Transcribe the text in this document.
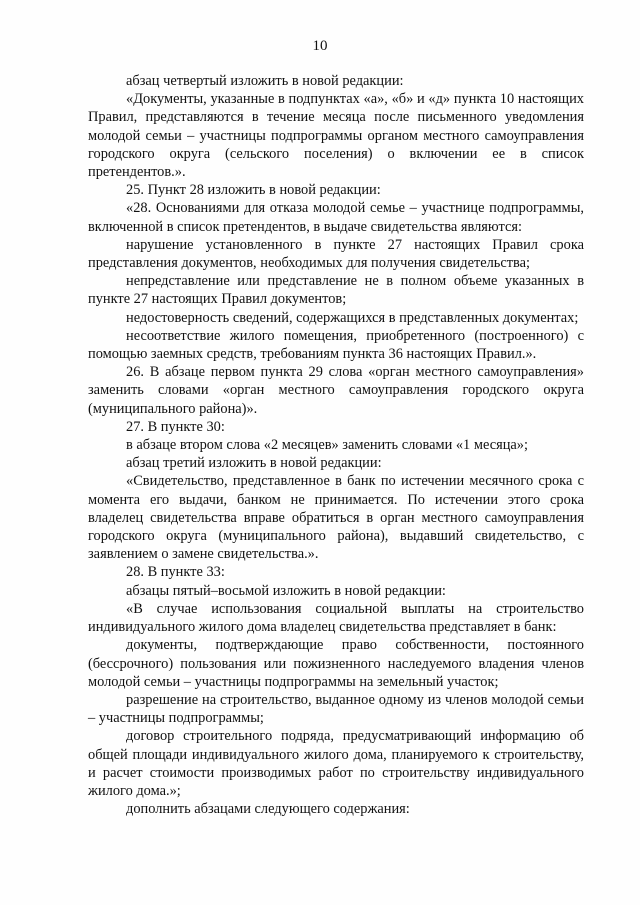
10

абзац четвертый изложить в новой редакции:

«Документы, указанные в подпунктах «а», «б» и «д» пункта 10 настоящих Правил, представляются в течение месяца после письменного уведомления молодой семьи – участницы подпрограммы органом местного самоуправления городского округа (сельского поселения) о включении ее в список претендентов.».

25. Пункт 28 изложить в новой редакции:

«28. Основаниями для отказа молодой семье – участнице подпрограммы, включенной в список претендентов, в выдаче свидетельства являются:

нарушение установленного в пункте 27 настоящих Правил срока представления документов, необходимых для получения свидетельства;

непредставление или представление не в полном объеме указанных в пункте 27 настоящих Правил документов;

недостоверность сведений, содержащихся в представленных документах;

несоответствие жилого помещения, приобретенного (построенного) с помощью заемных средств, требованиям пункта 36 настоящих Правил.».

26. В абзаце первом пункта 29 слова «орган местного самоуправления» заменить словами «орган местного самоуправления городского округа (муниципального района)».

27. В пункте 30:

в абзаце втором слова «2 месяцев» заменить словами «1 месяца»;

абзац третий изложить в новой редакции:

«Свидетельство, представленное в банк по истечении месячного срока с момента его выдачи, банком не принимается. По истечении этого срока владелец свидетельства вправе обратиться в орган местного самоуправления городского округа (муниципального района), выдавший свидетельство, с заявлением о замене свидетельства.».

28. В пункте 33:

абзацы пятый–восьмой изложить в новой редакции:

«В случае использования социальной выплаты на строительство индивидуального жилого дома владелец свидетельства представляет в банк:

документы, подтверждающие право собственности, постоянного (бессрочного) пользования или пожизненного наследуемого владения членов молодой семьи – участницы подпрограммы на земельный участок;

разрешение на строительство, выданное одному из членов молодой семьи – участницы подпрограммы;

договор строительного подряда, предусматривающий информацию об общей площади индивидуального жилого дома, планируемого к строительству, и расчет стоимости производимых работ по строительству индивидуального жилого дома.»;

дополнить абзацами следующего содержания:
